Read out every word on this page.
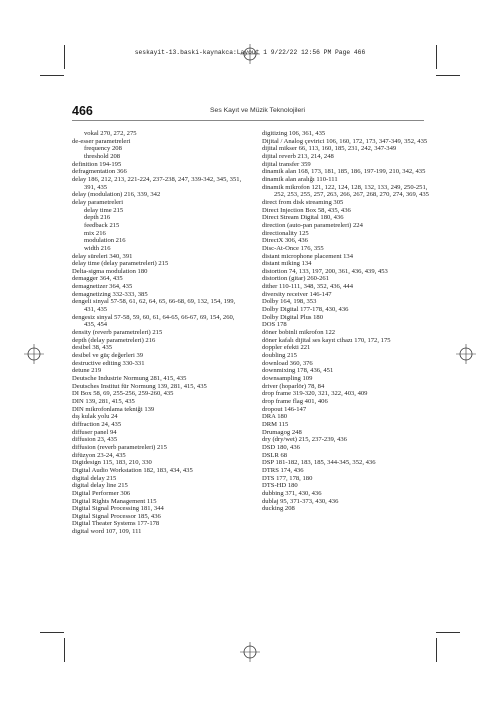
seskayit-13.baski-kaynakca:Layout 1 9/22/22 12:56 PM Page 466
466	Ses Kayıt ve Müzik Teknolojileri

vokal 270, 272, 275

de-esser parametreleri

frequency 208

threshold 208

definition 194-195

defragmentation 366

delay 186, 212, 213, 221-224, 237-238, 247, 339-342, 345, 351, 391, 435

delay (modulation) 216, 339, 342

delay parametreleri

delay time 215

depth 216

feedback 215

mix 216

modulation 216

width 216

delay süreleri 340, 391

delay time (delay parametreleri) 215

Delta-sigma modulation 180

demagger 364, 435

demagnetizer 364, 435

demagnetizing 332-333, 385

dengeli sinyal 57-58, 61, 62, 64, 65, 66-68, 69, 132, 154, 199, 431, 435

dengesiz sinyal 57-58, 59, 60, 61, 64-65, 66-67, 69, 154, 260, 435, 454

density (reverb parametreleri) 215

depth (delay parametreleri) 216

desibel 38, 435

desibel ve güç değerleri 39

destructive editing 330-331

detune 219

Deutsche Industrie Normung 281, 415, 435

Deutsches Institut für Normung 139, 281, 415, 435

DI Box 58, 69, 255-256, 259-260, 435

DIN 139, 281, 415, 435

DIN mikrofonlama tekniği 139

dış kulak yolu 24

diffraction 24, 435

diffuser panel 94

diffusion 23, 435

diffusion (reverb parametreleri) 215

difüzyon 23-24, 435

Digidesign 115, 183, 210, 330

Digital Audio Workstation 182, 183, 434, 435

digital delay 215

digital delay line 215

Digital Performer 306

Digital Rights Management 115

Digital Signal Processing 181, 344

Digital Signal Processor 185, 436

Digital Theater Systems 177-178

digital word 107, 109, 111

digitizing 106, 361, 435

Dijital / Analog çevirici 106, 160, 172, 173, 347-349, 352, 435

dijital mikser 66, 113, 160, 185, 231, 242, 347-349

dijital reverb 213, 214, 248

dijital transfer 359

dinamik alan 168, 173, 181, 185, 186, 197-199, 210, 342, 435

dinamik alan aralığı 110-111

dinamik mikrofon 121, 122, 124, 128, 132, 133, 249, 250-251, 252, 253, 255, 257, 263, 266, 267, 268, 270, 274, 369, 435

direct from disk streaming 305

Direct Injection Box 58, 435, 436

Direct Stream Digital 180, 436

direction (auto-pan parametreleri) 224

directionality 125

DirectX 306, 436

Disc-At-Once 176, 355

distant microphone placement 134

distant miking 134

distortion 74, 133, 197, 200, 361, 436, 439, 453

distortion (gitar) 260-261

dither 110-111, 348, 352, 436, 444

diversity receiver 146-147

Dolby 164, 198, 353

Dolby Digital 177-178, 430, 436

Dolby Digital Plus 180

DOS 178

döner bobinli mikrofon 122

döner kafalı dijital ses kayıt cihazı 170, 172, 175

doppler efekti 221

doubling 215

download 360, 376

downmixing 178, 436, 451

downsampling 109

driver (hoparlör) 78, 84

drop frame 319-320, 321, 322, 403, 409

drop frame flag 401, 406

dropout 146-147

DRA 180

DRM 115

Drumagog 248

dry (dry/wet) 215, 237-239, 436

DSD 180, 436

DSLR 68

DSP 181-182, 183, 185, 344-345, 352, 436

DTRS 174, 436

DTS 177, 178, 180

DTS-HD 180

dubbing 371, 430, 436

dublaj 95, 371-373, 430, 436

ducking 208
